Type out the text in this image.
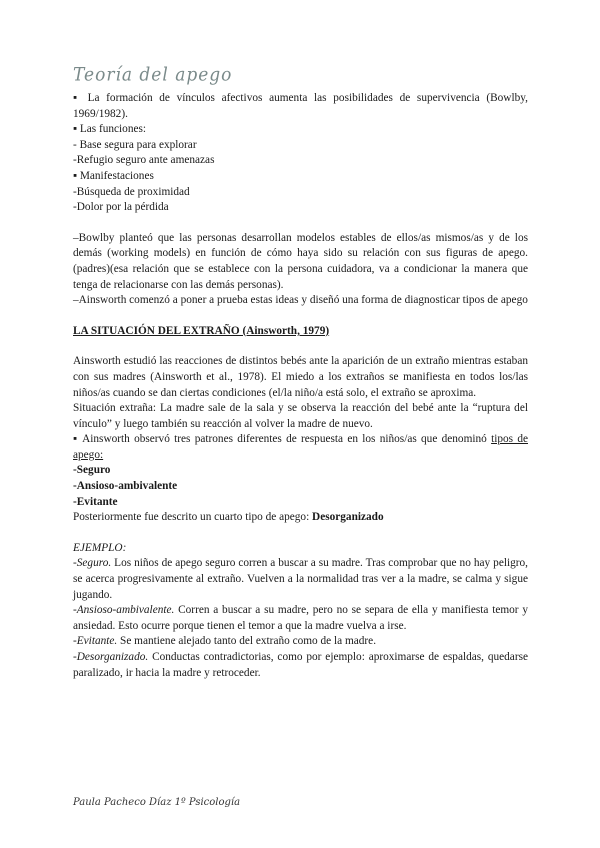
Teoría del apego

▪ La formación de vínculos afectivos aumenta las posibilidades de supervivencia (Bowlby, 1969/1982).

▪ Las funciones:

- Base segura para explorar

-Refugio seguro ante amenazas

▪ Manifestaciones

-Búsqueda de proximidad

-Dolor por la pérdida

–Bowlby planteó que las personas desarrollan modelos estables de ellos/as mismos/as y de los demás (working models) en función de cómo haya sido su relación con sus figuras de apego.(padres)(esa relación que se establece con la persona cuidadora, va a condicionar la manera que tenga de relacionarse con las demás personas).

–Ainsworth comenzó a poner a prueba estas ideas y diseñó una forma de diagnosticar tipos de apego

LA SITUACIÓN DEL EXTRAÑO (Ainsworth, 1979)

Ainsworth estudió las reacciones de distintos bebés ante la aparición de un extraño mientras estaban con sus madres (Ainsworth et al., 1978). El miedo a los extraños se manifiesta en todos los/las niños/as cuando se dan ciertas condiciones (el/la niño/a está solo, el extraño se aproxima.

Situación extraña: La madre sale de la sala y se observa la reacción del bebé ante la “ruptura del vínculo” y luego también su reacción al volver la madre de nuevo.

▪ Ainsworth observó tres patrones diferentes de respuesta en los niños/as que denominó tipos de apego:

-Seguro

-Ansioso-ambivalente

-Evitante

Posteriormente fue descrito un cuarto tipo de apego: Desorganizado

EJEMPLO:

-Seguro. Los niños de apego seguro corren a buscar a su madre. Tras comprobar que no hay peligro, se acerca progresivamente al extraño. Vuelven a la normalidad tras ver a la madre, se calma y sigue jugando.

-Ansioso-ambivalente. Corren a buscar a su madre, pero no se separa de ella y manifiesta temor y ansiedad. Esto ocurre porque tienen el temor a que la madre vuelva a irse.

-Evitante. Se mantiene alejado tanto del extraño como de la madre.

-Desorganizado. Conductas contradictorias, como por ejemplo: aproximarse de espaldas, quedarse paralizado, ir hacia la madre y retroceder.

Paula Pacheco Díaz 1º Psicología
